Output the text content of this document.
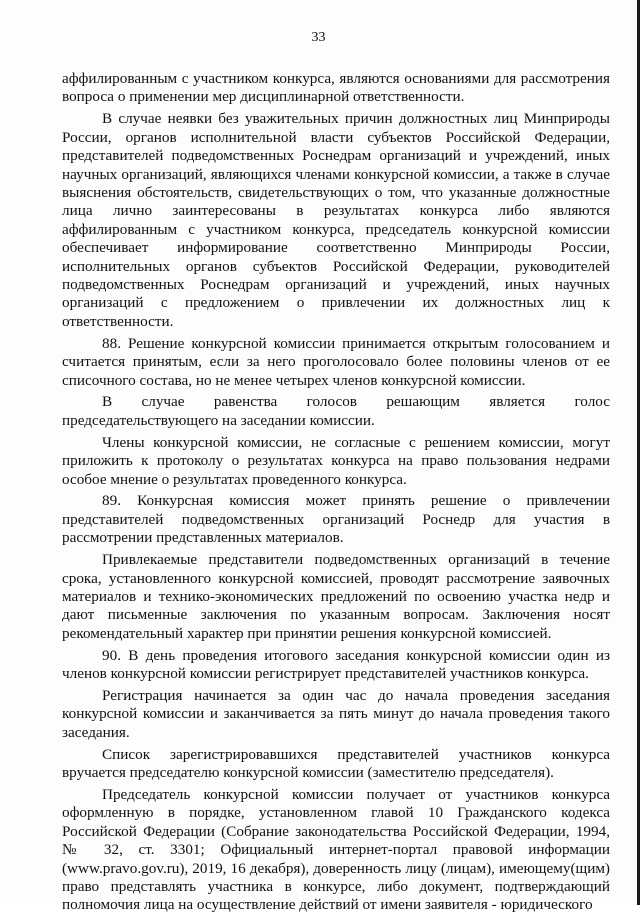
33

аффилированным с участником конкурса, являются основаниями для рассмотрения вопроса о применении мер дисциплинарной ответственности.

В случае неявки без уважительных причин должностных лиц Минприроды России, органов исполнительной власти субъектов Российской Федерации, представителей подведомственных Роснедрам организаций и учреждений, иных научных организаций, являющихся членами конкурсной комиссии, а также в случае выяснения обстоятельств, свидетельствующих о том, что указанные должностные лица лично заинтересованы в результатах конкурса либо являются аффилированным с участником конкурса, председатель конкурсной комиссии обеспечивает информирование соответственно Минприроды России, исполнительных органов субъектов Российской Федерации, руководителей подведомственных Роснедрам организаций и учреждений, иных научных организаций с предложением о привлечении их должностных лиц к ответственности.

88. Решение конкурсной комиссии принимается открытым голосованием и считается принятым, если за него проголосовало более половины членов от ее списочного состава, но не менее четырех членов конкурсной комиссии.

В случае равенства голосов решающим является голос председательствующего на заседании комиссии.

Члены конкурсной комиссии, не согласные с решением комиссии, могут приложить к протоколу о результатах конкурса на право пользования недрами особое мнение о результатах проведенного конкурса.

89. Конкурсная комиссия может принять решение о привлечении представителей подведомственных организаций Роснедр для участия в рассмотрении представленных материалов.

Привлекаемые представители подведомственных организаций в течение срока, установленного конкурсной комиссией, проводят рассмотрение заявочных материалов и технико-экономических предложений по освоению участка недр и дают письменные заключения по указанным вопросам. Заключения носят рекомендательный характер при принятии решения конкурсной комиссией.

90. В день проведения итогового заседания конкурсной комиссии один из членов конкурсной комиссии регистрирует представителей участников конкурса.

Регистрация начинается за один час до начала проведения заседания конкурсной комиссии и заканчивается за пять минут до начала проведения такого заседания.

Список зарегистрировавшихся представителей участников конкурса вручается председателю конкурсной комиссии (заместителю председателя).

Председатель конкурсной комиссии получает от участников конкурса оформленную в порядке, установленном главой 10 Гражданского кодекса Российской Федерации (Собрание законодательства Российской Федерации, 1994, № 32, ст. 3301; Официальный интернет-портал правовой информации (www.pravo.gov.ru), 2019, 16 декабря), доверенность лицу (лицам), имеющему(щим) право представлять участника в конкурсе, либо документ, подтверждающий полномочия лица на осуществление действий от имени заявителя - юридического
